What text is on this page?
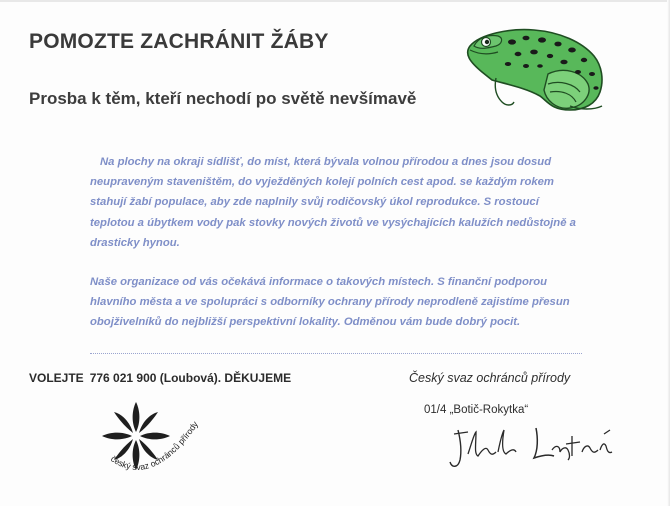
POMOZTE ZACHRÁNIT ŽÁBY
Prosba k těm, kteří nechodí po světě nevšímavě

Na plochy na okraji sídlišť, do míst, která bývala volnou přírodou a dnes jsou dosud neupraveným staveništěm, do vyježděných kolejí polních cest apod. se každým rokem stahují žabí populace, aby zde naplnily svůj rodičovský úkol reprodukce. S rostoucí teplotou a úbytkem vody pak stovky nových životů ve vysýchajících kalužích nedůstojně a drasticky hynou.

Naše organizace od vás očekává informace o takových místech. S finanční podporou hlavního města a ve spolupráci s odborníky ochrany přírody neprodleně zajistíme přesun obojživelníků do nejbližší perspektivní lokality. Odměnou vám bude dobrý pocit.

VOLEJTE 776 021 900 (Loubová). DĚKUJEME	Český svaz ochránců přírody
01/4 „Botič-Rokytka“
český svaz ochránců přírody
